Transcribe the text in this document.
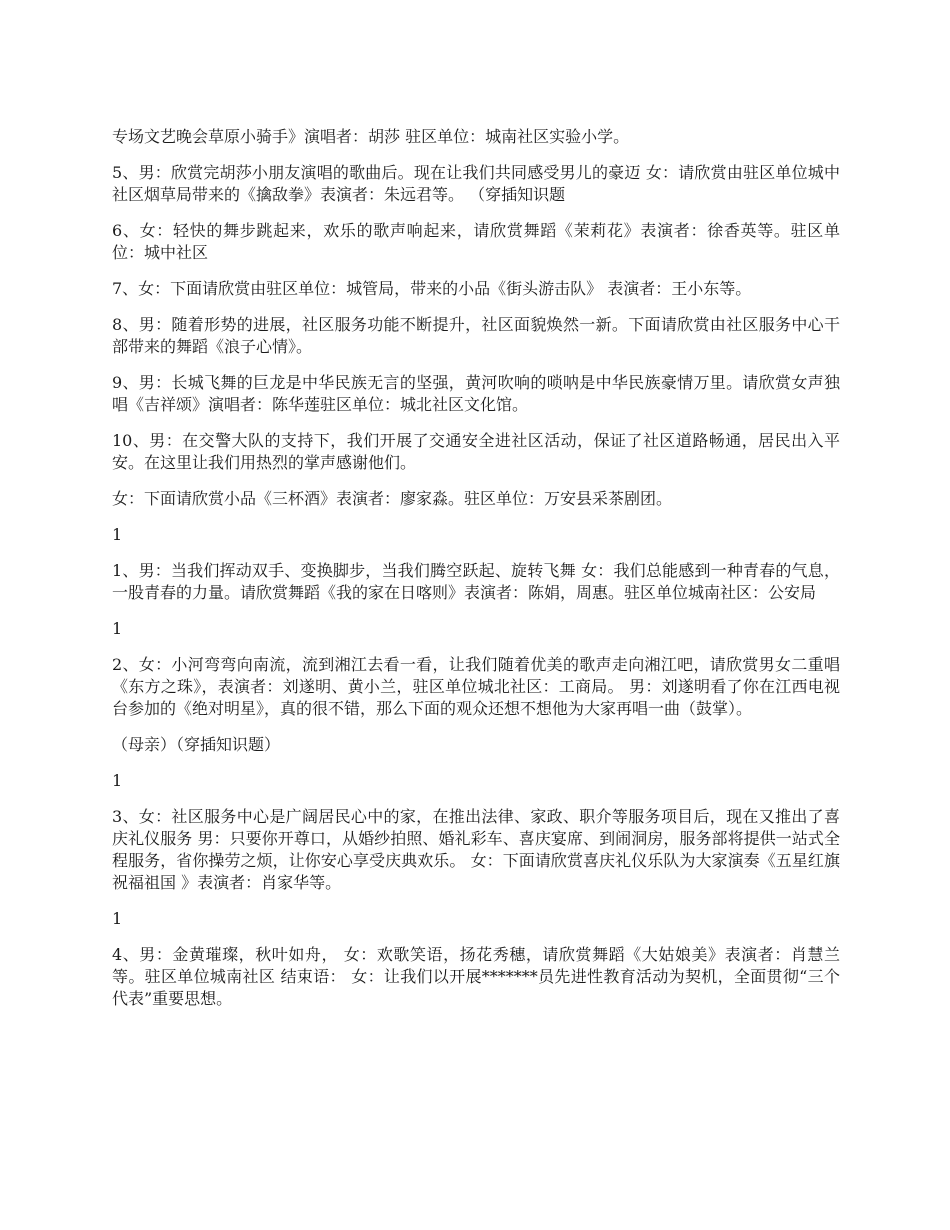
专场文艺晚会草原小骑手》演唱者：胡莎 驻区单位：城南社区实验小学。

5、男：欣赏完胡莎小朋友演唱的歌曲后。现在让我们共同感受男儿的豪迈 女：请欣赏由驻区单位城中社区烟草局带来的《擒敌拳》表演者：朱远君等。 （穿插知识题

6、女：轻快的舞步跳起来，欢乐的歌声响起来，请欣赏舞蹈《茉莉花》表演者：徐香英等。驻区单位：城中社区

7、女：下面请欣赏由驻区单位：城管局，带来的小品《街头游击队》 表演者：王小东等。

8、男：随着形势的进展，社区服务功能不断提升，社区面貌焕然一新。下面请欣赏由社区服务中心干部带来的舞蹈《浪子心情》。

9、男：长城飞舞的巨龙是中华民族无言的坚强，黄河吹响的唢呐是中华民族豪情万里。请欣赏女声独唱《吉祥颂》演唱者：陈华莲驻区单位：城北社区文化馆。

10、男：在交警大队的支持下，我们开展了交通安全进社区活动，保证了社区道路畅通，居民出入平安。在这里让我们用热烈的掌声感谢他们。

女：下面请欣赏小品《三杯酒》表演者：廖家淼。驻区单位：万安县采茶剧团。

1

1、男：当我们挥动双手、变换脚步，当我们腾空跃起、旋转飞舞 女：我们总能感到一种青春的气息，一股青春的力量。请欣赏舞蹈《我的家在日喀则》表演者：陈娟，周惠。驻区单位城南社区：公安局

1

2、女：小河弯弯向南流，流到湘江去看一看，让我们随着优美的歌声走向湘江吧，请欣赏男女二重唱《东方之珠》，表演者：刘遂明、黄小兰，驻区单位城北社区：工商局。 男：刘遂明看了你在江西电视台参加的《绝对明星》，真的很不错，那么下面的观众还想不想他为大家再唱一曲（鼓掌）。

（母亲）（穿插知识题）

1

3、女：社区服务中心是广阔居民心中的家，在推出法律、家政、职介等服务项目后，现在又推出了喜庆礼仪服务 男：只要你开尊口，从婚纱拍照、婚礼彩车、喜庆宴席、到闹洞房，服务部将提供一站式全程服务，省你操劳之烦，让你安心享受庆典欢乐。 女：下面请欣赏喜庆礼仪乐队为大家演奏《五星红旗 祝福祖国 》表演者：肖家华等。

1

4、男：金黄璀璨，秋叶如舟， 女：欢歌笑语，扬花秀穗，请欣赏舞蹈《大姑娘美》表演者：肖慧兰等。驻区单位城南社区 结束语： 女：让我们以开展*******员先进性教育活动为契机，全面贯彻“三个代表”重要思想。
